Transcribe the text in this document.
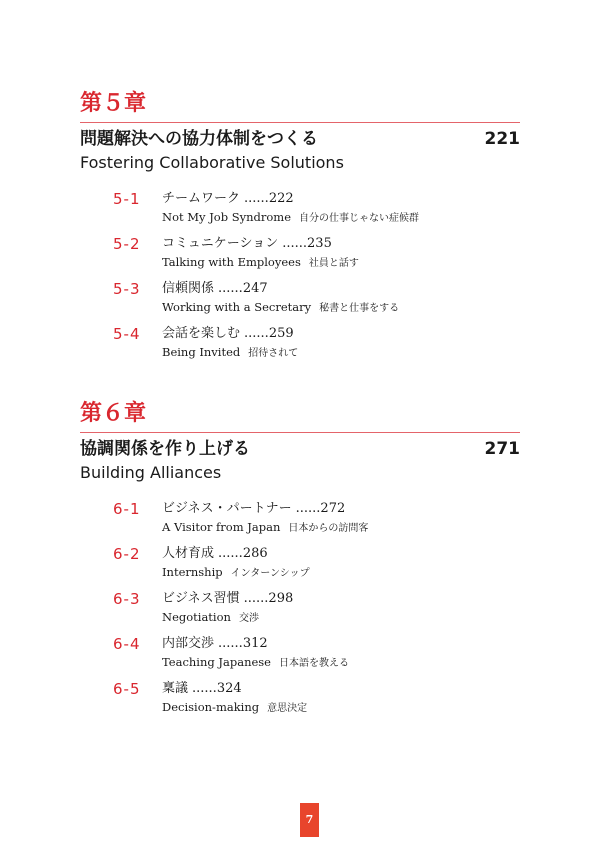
第５章
問題解決への協力体制をつくる	221
Fostering Collaborative Solutions
5-1 チームワーク ......222
Not My Job Syndrome 自分の仕事じゃない症候群
5-2 コミュニケーション ......235
Talking with Employees 社員と話す
5-3 信頼関係 ......247
Working with a Secretary 秘書と仕事をする
5-4 会話を楽しむ ......259
Being Invited 招待されて
第６章
協調関係を作り上げる	271
Building Alliances
6-1 ビジネス・パートナー ......272
A Visitor from Japan 日本からの訪問客
6-2 人材育成 ......286
Internship インターンシップ
6-3 ビジネス習慣 ......298
Negotiation 交渉
6-4 内部交渉 ......312
Teaching Japanese 日本語を教える
6-5 稟議 ......324
Decision-making 意思決定
7
